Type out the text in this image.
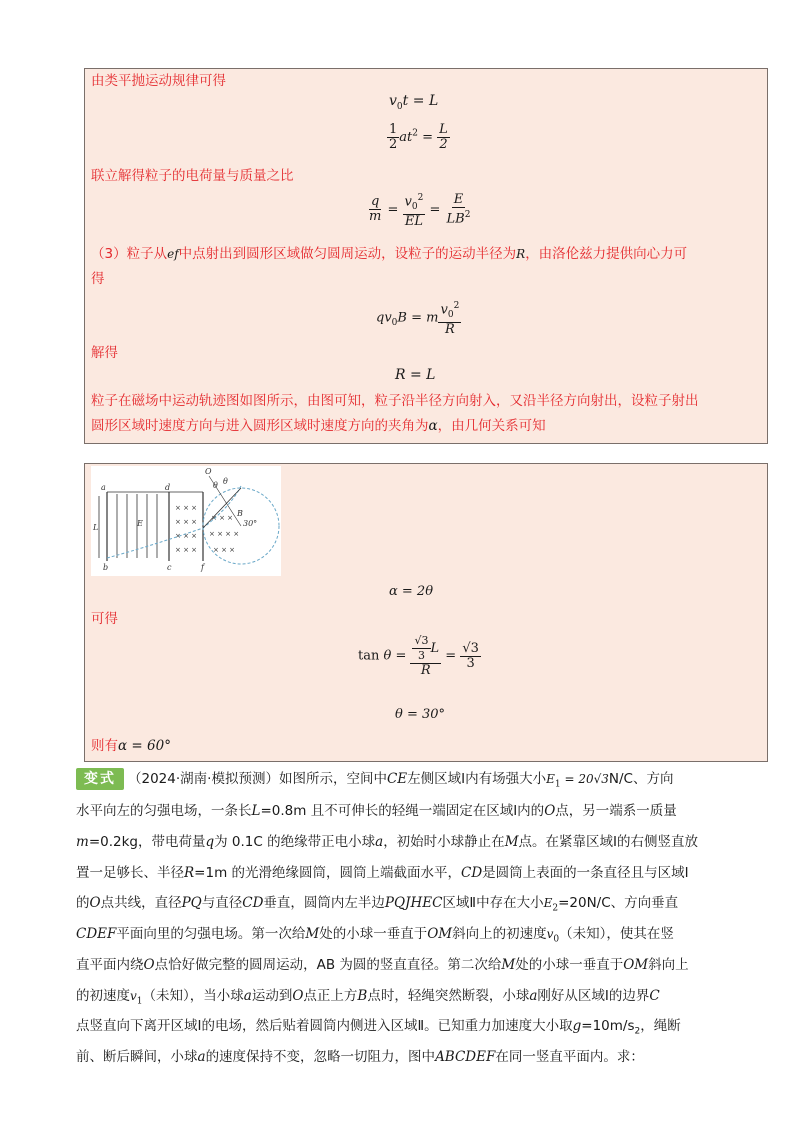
由类平抛运动规律可得
$v_0t = L$
$\frac{1}{2} at^2 = \frac{L}{2}$
联立解得粒子的电荷量与质量之比
$\frac{q}{m} = \frac{v_0^2}{EL} = \frac{E}{LB^2}$
（3）粒子从ef中点射出到圆形区域做匀圆周运动，设粒子的运动半径为R，由洛伦兹力提供向心力可
得
$qv_0B = m \frac{v_0^2}{R}$
解得
R = L
粒子在磁场中运动轨迹图如图所示，由图可知，粒子沿半径方向射入，又沿半径方向射出，设粒子射出
圆形区域时速度方向与进入圆形区域时速度方向的夹角为α，由几何关系可知
× × ×
× × ×
× × ×
× × ×
× × ×
× × × ×
× × ×
a	d
O
θ θ
B
30°
E
L
b	c	f
α = 2θ
可得
$\tan \theta = \frac{\frac{√3}{3} L}{R} = \frac{√3}{3}$
θ = 30°
则有α = 60°
变式 （2024·湖南·模拟预测）如图所示，空间中CE左侧区域Ⅰ内有场强大小$E_1 = 20√3N/C$、方向
水平向左的匀强电场，一条长L=0.8m 且不可伸长的轻绳一端固定在区域Ⅰ内的O点，另一端系一质量
m=0.2kg，带电荷量q为 0.1C 的绝缘带正电小球a，初始时小球静止在M点。在紧靠区域Ⅰ的右侧竖直放
置一足够长、半径R=1m 的光滑绝缘圆筒，圆筒上端截面水平，CD是圆筒上表面的一条直径且与区域Ⅰ
的O点共线，直径PQ与直径CD垂直，圆筒内左半边PQJHEC区域Ⅱ中存在大小$E_2=20N/C$、方向垂直
CDEF平面向里的匀强电场。第一次给M处的小球一垂直于OM斜向上的初速度$v_0$（未知），使其在竖
直平面内绕O点恰好做完整的圆周运动，AB 为圆的竖直直径。第二次给M处的小球一垂直于OM斜向上
的初速度$v_1$（未知），当小球a运动到O点正上方B点时，轻绳突然断裂，小球a刚好从区域Ⅰ的边界C
点竖直向下离开区域Ⅰ的电场，然后贴着圆筒内侧进入区域Ⅱ。已知重力加速度大小取$g=10m/s_2$，绳断
前、断后瞬间，小球a的速度保持不变，忽略一切阻力，图中ABCDEF在同一竖直平面内。求：
